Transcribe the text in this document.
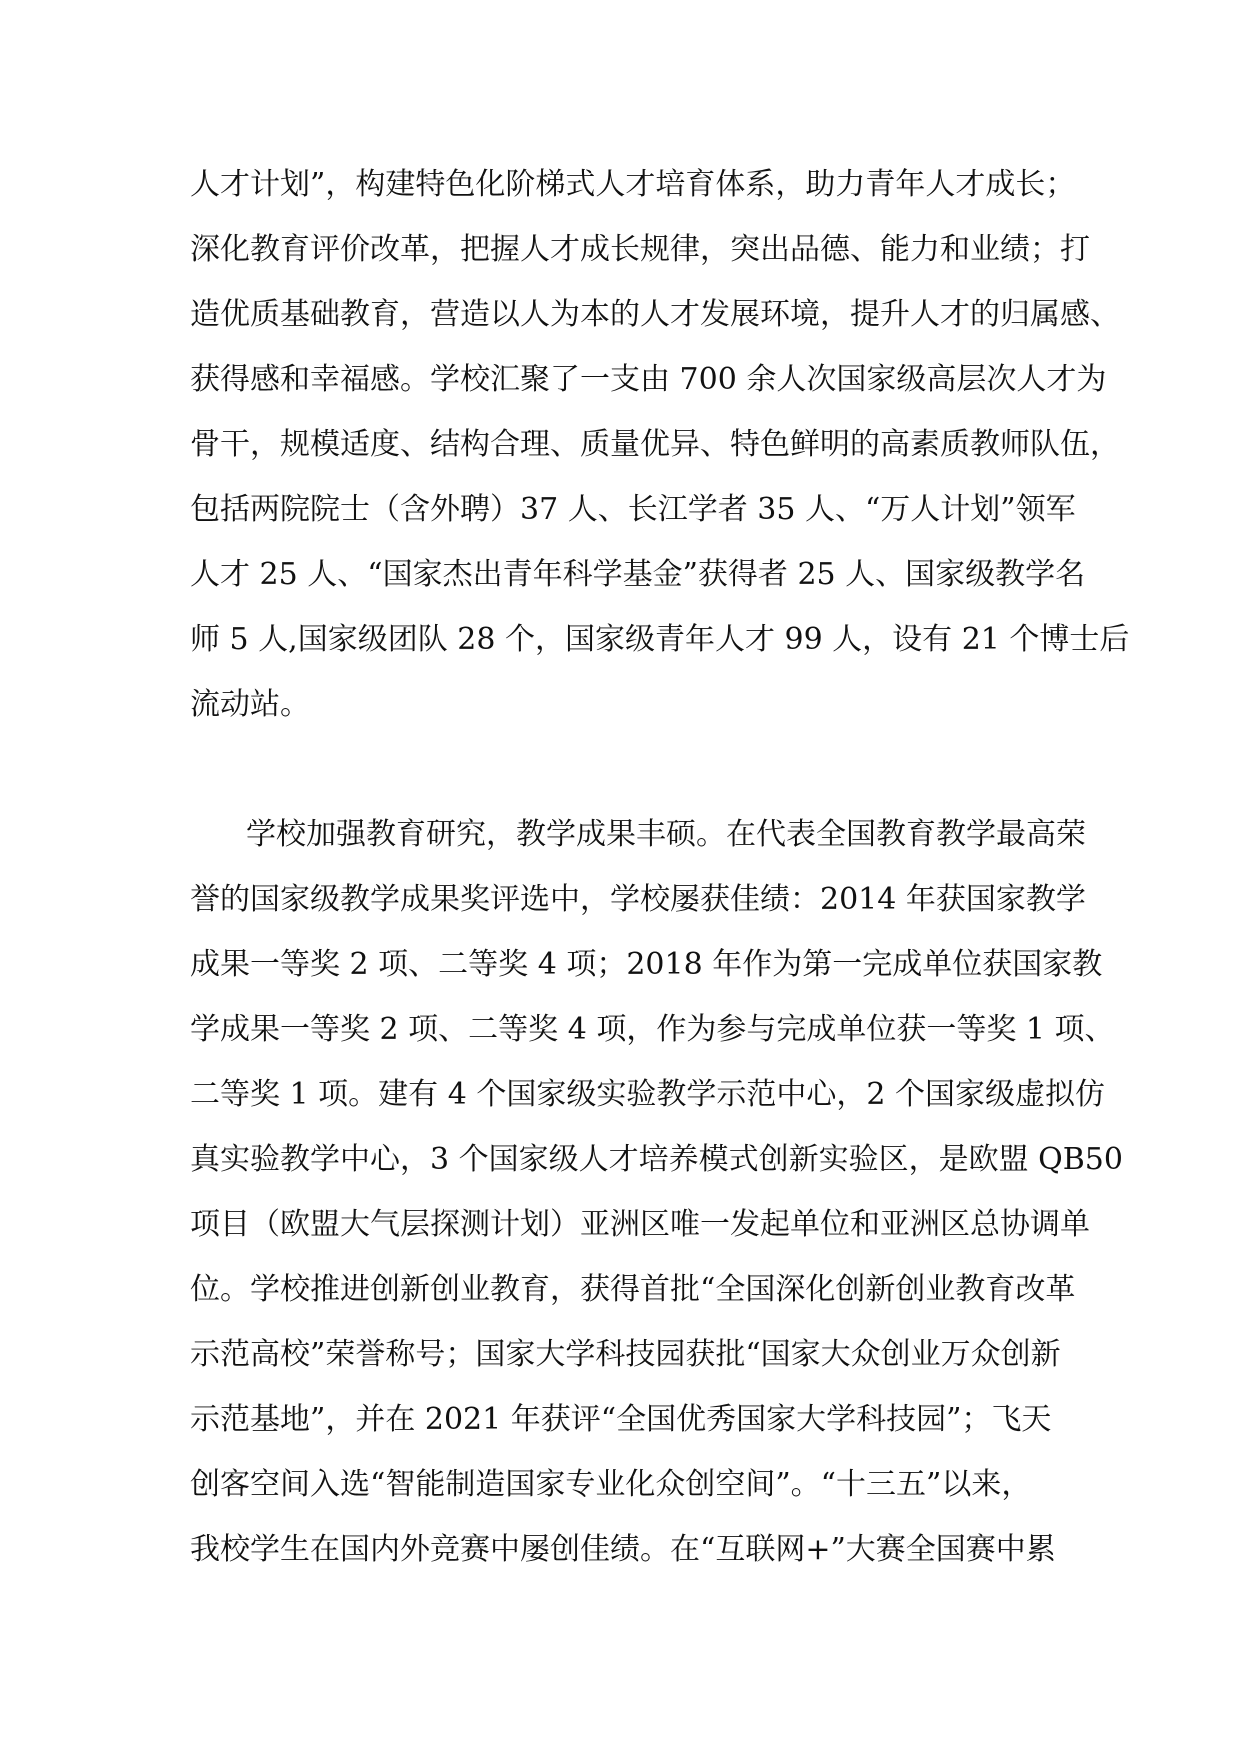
人才计划”，构建特色化阶梯式人才培育体系，助力青年人才成长；
深化教育评价改革，把握人才成长规律，突出品德、能力和业绩；打
造优质基础教育，营造以人为本的人才发展环境，提升人才的归属感、
获得感和幸福感。学校汇聚了一支由 700 余人次国家级高层次人才为
骨干，规模适度、结构合理、质量优异、特色鲜明的高素质教师队伍，
包括两院院士（含外聘）37 人、长江学者 35 人、“万人计划”领军
人才 25 人、“国家杰出青年科学基金”获得者 25 人、国家级教学名
师 5 人,国家级团队 28 个，国家级青年人才 99 人，设有 21 个博士后
流动站。
学校加强教育研究，教学成果丰硕。在代表全国教育教学最高荣
誉的国家级教学成果奖评选中，学校屡获佳绩：2014 年获国家教学
成果一等奖 2 项、二等奖 4 项；2018 年作为第一完成单位获国家教
学成果一等奖 2 项、二等奖 4 项，作为参与完成单位获一等奖 1 项、
二等奖 1 项。建有 4 个国家级实验教学示范中心，2 个国家级虚拟仿
真实验教学中心，3 个国家级人才培养模式创新实验区，是欧盟 QB50
项目（欧盟大气层探测计划）亚洲区唯一发起单位和亚洲区总协调单
位。学校推进创新创业教育，获得首批“全国深化创新创业教育改革
示范高校”荣誉称号；国家大学科技园获批“国家大众创业万众创新
示范基地”，并在 2021 年获评“全国优秀国家大学科技园”；飞天
创客空间入选“智能制造国家专业化众创空间”。“十三五”以来，
我校学生在国内外竞赛中屡创佳绩。在“互联网+”大赛全国赛中累
